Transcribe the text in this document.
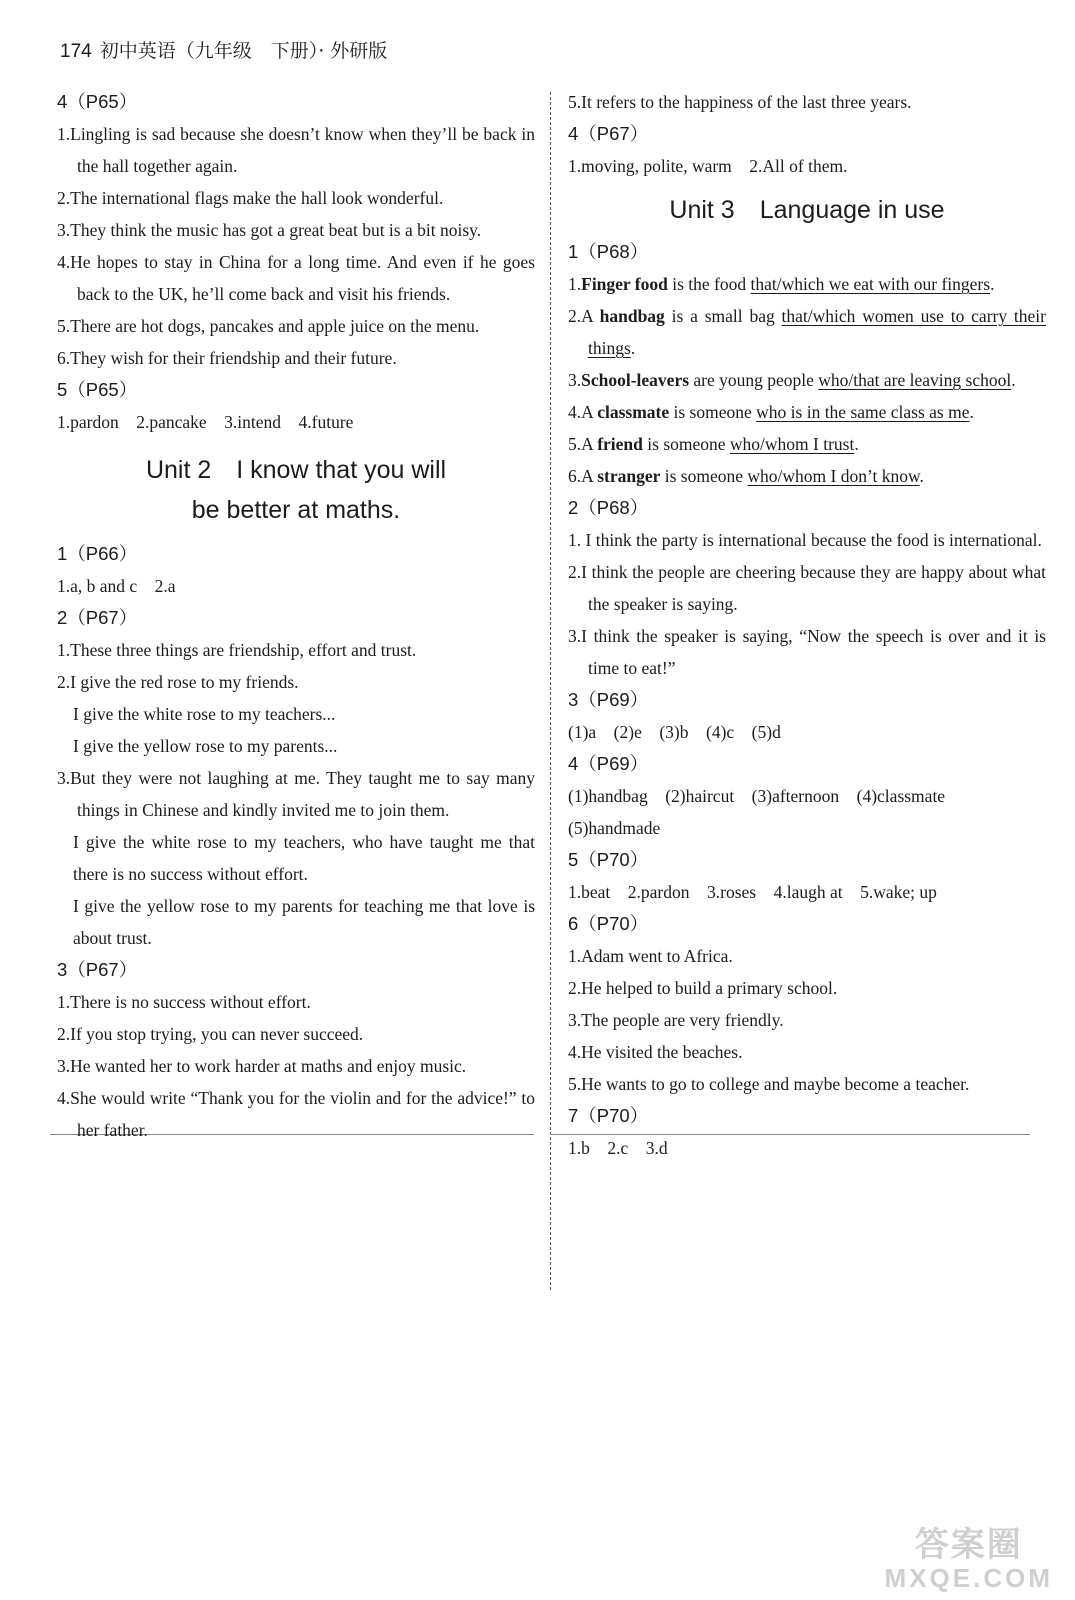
174 初中英语（九年级　下册）· 外研版
4（P65）
1.Lingling is sad because she doesn’t know when they’ll be back in the hall together again.
2.The international flags make the hall look wonderful.
3.They think the music has got a great beat but is a bit noisy.
4.He hopes to stay in China for a long time. And even if he goes back to the UK, he’ll come back and visit his friends.
5.There are hot dogs, pancakes and apple juice on the menu.
6.They wish for their friendship and their future.
5（P65）
1.pardon　2.pancake　3.intend　4.future
Unit 2　I know that you will
be better at maths.
1（P66）
1.a, b and c　2.a
2（P67）
1.These three things are friendship, effort and trust.
2.I give the red rose to my friends.
I give the white rose to my teachers...
I give the yellow rose to my parents...
3.But they were not laughing at me. They taught me to say many things in Chinese and kindly invited me to join them.
I give the white rose to my teachers, who have taught me that there is no success without effort.
I give the yellow rose to my parents for teaching me that love is about trust.
3（P67）
1.There is no success without effort.
2.If you stop trying, you can never succeed.
3.He wanted her to work harder at maths and enjoy music.
4.She would write “Thank you for the violin and for the advice!” to her father.
5.It refers to the happiness of the last three years.
4（P67）
1.moving, polite, warm　2.All of them.
Unit 3　Language in use
1（P68）
1.Finger food is the food that/which we eat with our fingers.
2.A handbag is a small bag that/which women use to carry their things.
3.School-leavers are young people who/that are leaving school.
4.A classmate is someone who is in the same class as me.
5.A friend is someone who/whom I trust.
6.A stranger is someone who/whom I don’t know.
2（P68）
1. I think the party is international because the food is international.
2.I think the people are cheering because they are happy about what the speaker is saying.
3.I think the speaker is saying, “Now the speech is over and it is time to eat!”
3（P69）
(1)a　(2)e　(3)b　(4)c　(5)d
4（P69）
(1)handbag　(2)haircut　(3)afternoon　(4)classmate
(5)handmade
5（P70）
1.beat　2.pardon　3.roses　4.laugh at　5.wake; up
6（P70）
1.Adam went to Africa.
2.He helped to build a primary school.
3.The people are very friendly.
4.He visited the beaches.
5.He wants to go to college and maybe become a teacher.
7（P70）
1.b　2.c　3.d
答案圈
MXQE.COM
